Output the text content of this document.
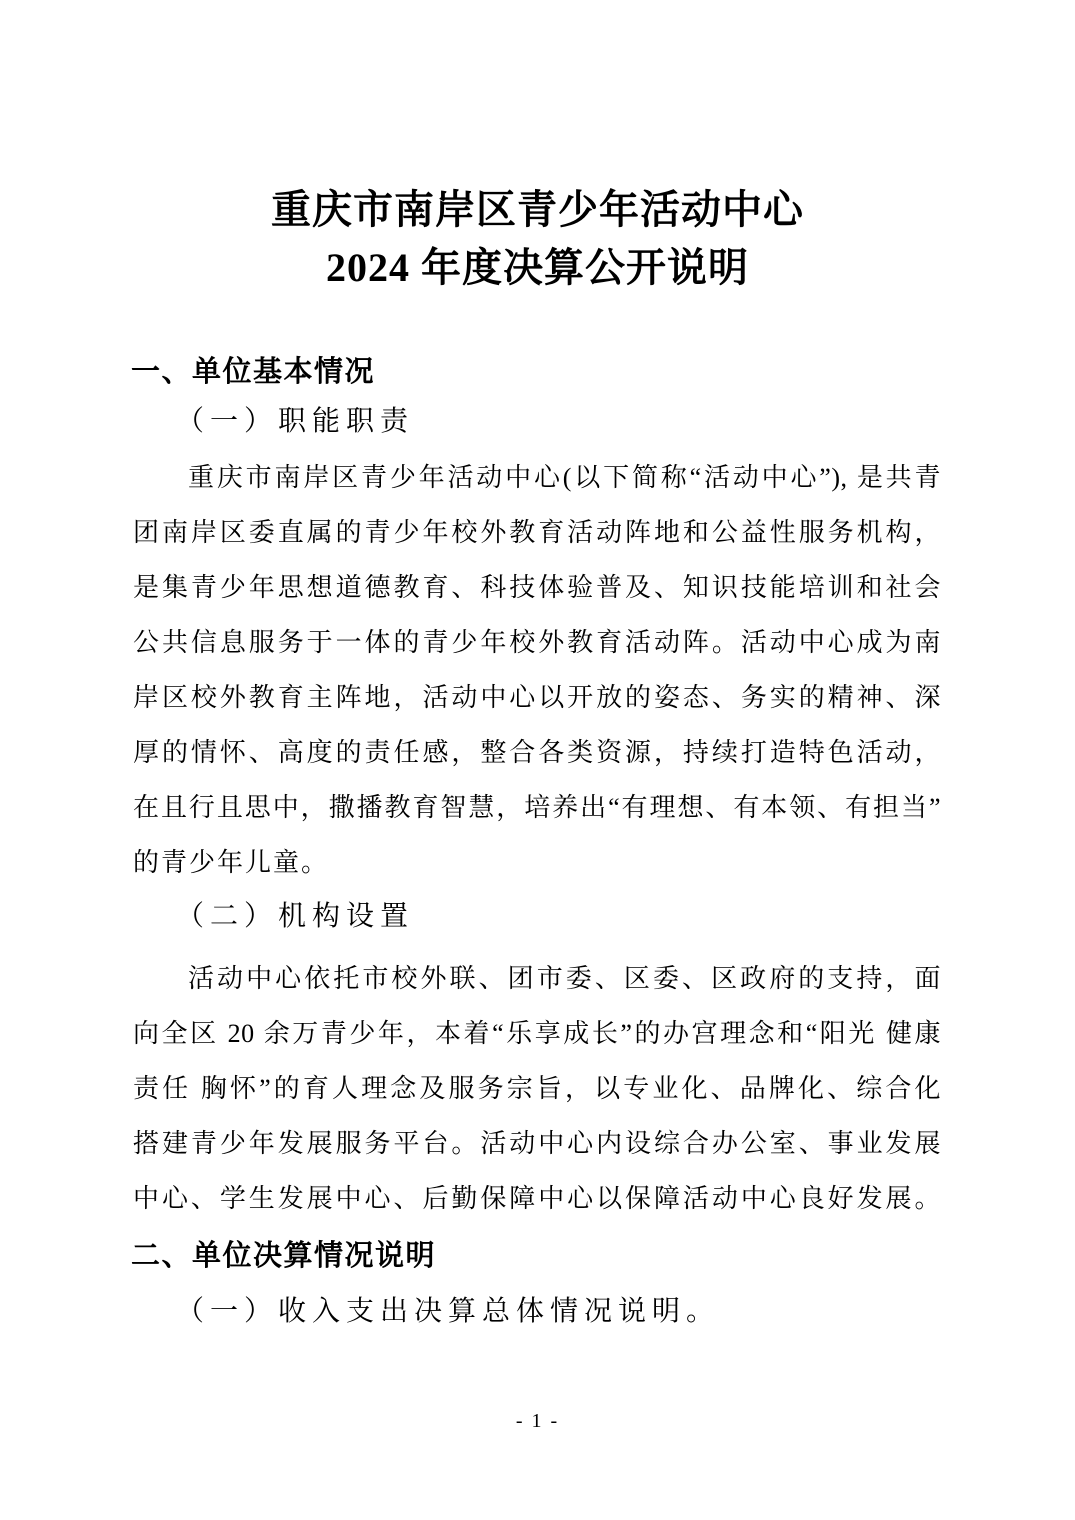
重庆市南岸区青少年活动中心
2024 年度决算公开说明
一、单位基本情况
（一）职能职责
重庆市南岸区青少年活动中心(以下简称“活动中心”), 是共青
团南岸区委直属的青少年校外教育活动阵地和公益性服务机构，
是集青少年思想道德教育、科技体验普及、知识技能培训和社会
公共信息服务于一体的青少年校外教育活动阵。活动中心成为南
岸区校外教育主阵地，活动中心以开放的姿态、务实的精神、深
厚的情怀、高度的责任感，整合各类资源，持续打造特色活动，
在且行且思中，撒播教育智慧，培养出“有理想、有本领、有担当”
的青少年儿童。
（二）机构设置
活动中心依托市校外联、团市委、区委、区政府的支持，面
向全区 20 余万青少年，本着“乐享成长”的办宫理念和“阳光 健康
责任 胸怀”的育人理念及服务宗旨，以专业化、品牌化、综合化
搭建青少年发展服务平台。活动中心内设综合办公室、事业发展
中心、学生发展中心、后勤保障中心以保障活动中心良好发展。
二、单位决算情况说明
（一）收入支出决算总体情况说明。
- 1 -
